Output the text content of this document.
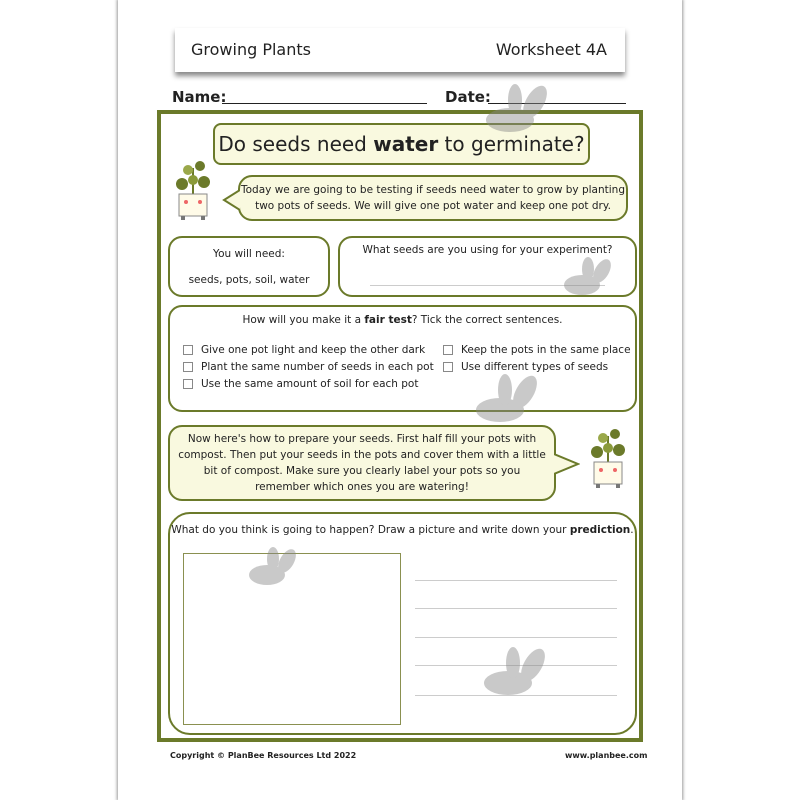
Growing Plants	Worksheet 4A
Name:	Date:
Do seeds need water to germinate?
Today we are going to be testing if seeds need water to grow by planting two pots of seeds. We will give one pot water and keep one pot dry.
You will need:
seeds, pots, soil, water
What seeds are you using for your experiment?
How will you make it a fair test? Tick the correct sentences.
Give one pot light and keep the other dark
Plant the same number of seeds in each pot
Use the same amount of soil for each pot
Keep the pots in the same place
Use different types of seeds
Now here's how to prepare your seeds. First half fill your pots with compost. Then put your seeds in the pots and cover them with a little bit of compost. Make sure you clearly label your pots so you remember which ones you are watering!
What do you think is going to happen? Draw a picture and write down your prediction.
Copyright © PlanBee Resources Ltd 2022	www.planbee.com
